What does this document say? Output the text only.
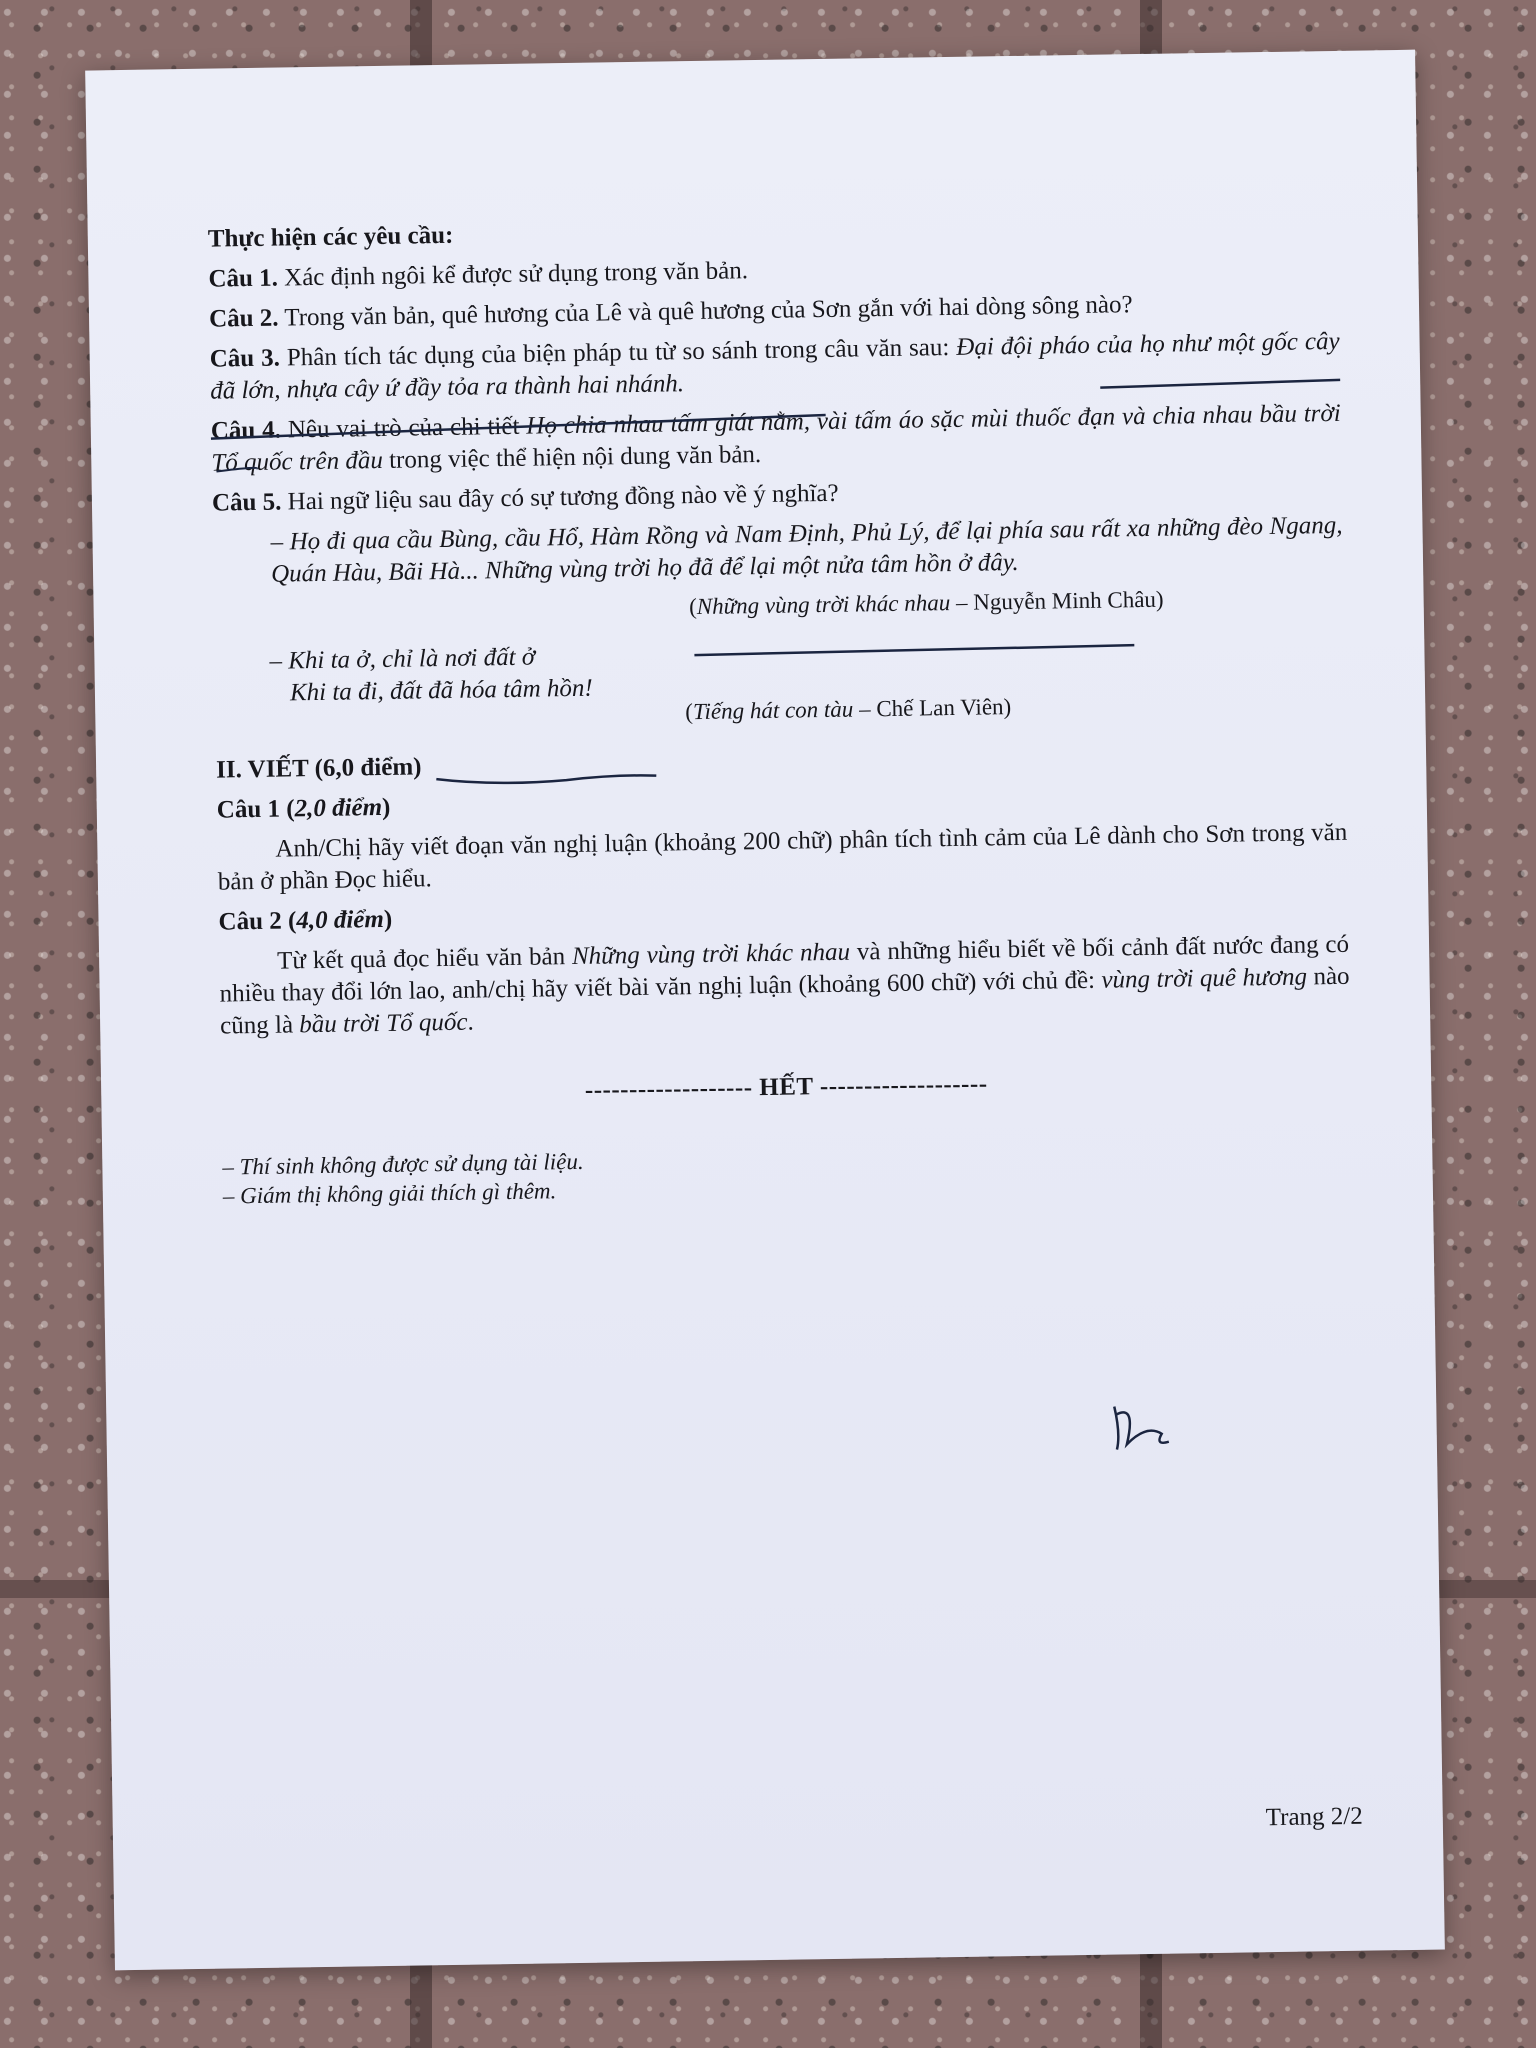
Thực hiện các yêu cầu:

Câu 1. Xác định ngôi kể được sử dụng trong văn bản.

Câu 2. Trong văn bản, quê hương của Lê và quê hương của Sơn gắn với hai dòng sông nào?

Câu 3. Phân tích tác dụng của biện pháp tu từ so sánh trong câu văn sau: Đại đội pháo của họ như một gốc cây đã lớn, nhựa cây ứ đầy tỏa ra thành hai nhánh.

Câu 4. Nêu vai trò của chi tiết Họ chia nhau tấm giát nằm, vài tấm áo sặc mùi thuốc đạn và chia nhau bầu trời Tổ quốc trên đầu trong việc thể hiện nội dung văn bản.

Câu 5. Hai ngữ liệu sau đây có sự tương đồng nào về ý nghĩa?

– Họ đi qua cầu Bùng, cầu Hổ, Hàm Rồng và Nam Định, Phủ Lý, để lại phía sau rất xa những đèo Ngang, Quán Hàu, Bãi Hà... Những vùng trời họ đã để lại một nửa tâm hồn ở đây.

(Những vùng trời khác nhau – Nguyễn Minh Châu)

– Khi ta ở, chỉ là nơi đất ở

Khi ta đi, đất đã hóa tâm hồn!

(Tiếng hát con tàu – Chế Lan Viên)

II. VIẾT (6,0 điểm)

Câu 1 (2,0 điểm)

Anh/Chị hãy viết đoạn văn nghị luận (khoảng 200 chữ) phân tích tình cảm của Lê dành cho Sơn trong văn bản ở phần Đọc hiểu.

Câu 2 (4,0 điểm)

Từ kết quả đọc hiểu văn bản Những vùng trời khác nhau và những hiểu biết về bối cảnh đất nước đang có nhiều thay đổi lớn lao, anh/chị hãy viết bài văn nghị luận (khoảng 600 chữ) với chủ đề: vùng trời quê hương nào cũng là bầu trời Tổ quốc.

------------------- HẾT -------------------

– Thí sinh không được sử dụng tài liệu.

– Giám thị không giải thích gì thêm.

Trang 2/2
